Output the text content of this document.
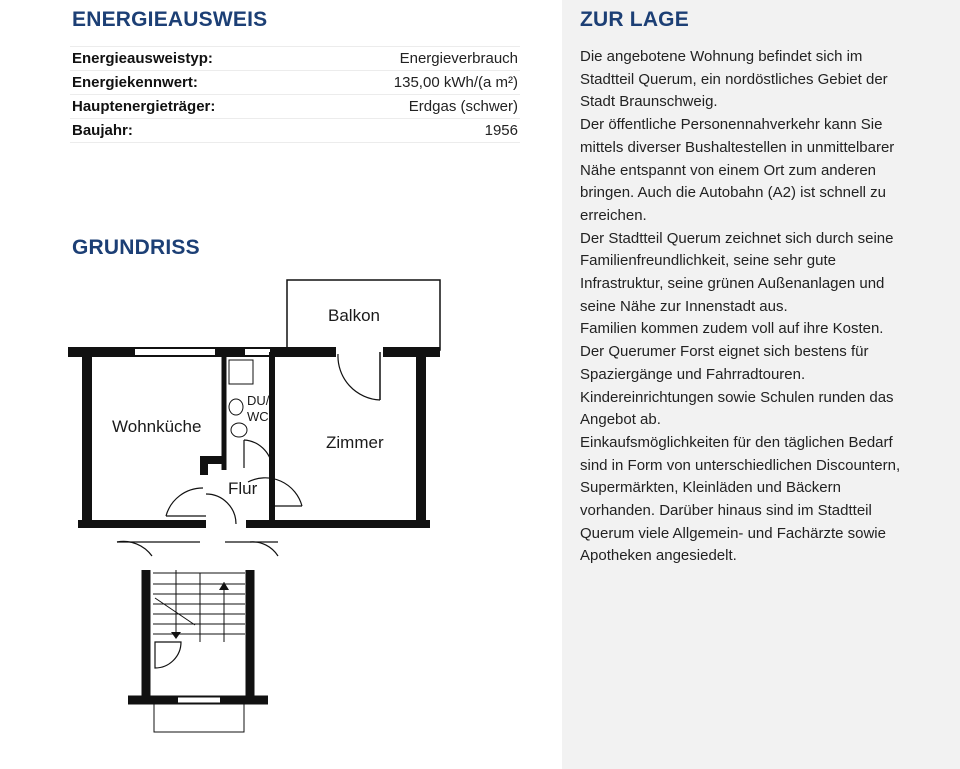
ENERGIEAUSWEIS
Energieausweistyp:	Energieverbrauch
Energiekennwert:	135,00 kWh/(a m²)
Hauptenergieträger:	Erdgas (schwer)
Baujahr:	1956
GRUNDRISS
Balkon
Wohnküche
DU/
WC
Zimmer
Flur
ZUR LAGE

Die angebotene Wohnung befindet sich im Stadtteil Querum, ein nordöstliches Gebiet der Stadt Braunschweig.

Der öffentliche Personennahverkehr kann Sie mittels diverser Bushaltestellen in unmittelbarer Nähe entspannt von einem Ort zum anderen bringen. Auch die Autobahn (A2) ist schnell zu erreichen.

Der Stadtteil Querum zeichnet sich durch seine Familienfreundlichkeit, seine sehr gute Infrastruktur, seine grünen Außenanlagen und seine Nähe zur Innenstadt aus.

Familien kommen zudem voll auf ihre Kosten. Der Querumer Forst eignet sich bestens für Spaziergänge und Fahrradtouren. Kindereinrichtungen sowie Schulen runden das Angebot ab.

Einkaufsmöglichkeiten für den täglichen Bedarf sind in Form von unterschiedlichen Discountern, Supermärkten, Kleinläden und Bäckern vorhanden. Darüber hinaus sind im Stadtteil Querum viele Allgemein- und Fachärzte sowie Apotheken angesiedelt.
